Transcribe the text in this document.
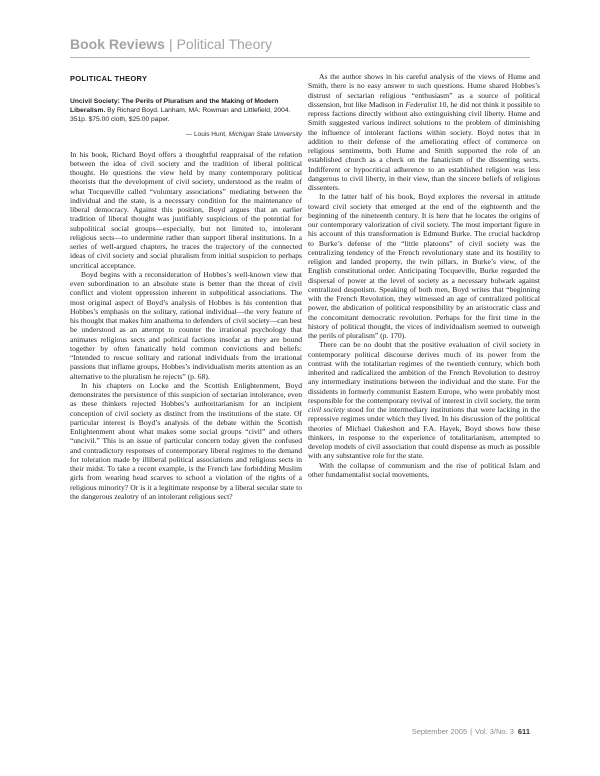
Book Reviews | Political Theory
POLITICAL THEORY

Uncivil Society: The Perils of Pluralism and the Making of Modern Liberalism. By Richard Boyd. Lanham, MA: Rowman and Littlefield, 2004. 351p. $75.00 cloth, $25.00 paper.

— Louis Hunt, Michigan State University

In his book, Richard Boyd offers a thoughtful reappraisal of the relation between the idea of civil society and the tradition of liberal political thought. He questions the view held by many contemporary political theorists that the development of civil society, understood as the realm of what Tocqueville called “voluntary associations” mediating between the individual and the state, is a necessary condition for the maintenance of liberal democracy. Against this position, Boyd argues that an earlier tradition of liberal thought was justifiably suspicious of the potential for subpolitical social groups—especially, but not limited to, intolerant religious sects—to undermine rather than support liberal institutions. In a series of well-argued chapters, he traces the trajectory of the connected ideas of civil society and social pluralism from initial suspicion to perhaps uncritical acceptance.

Boyd begins with a reconsideration of Hobbes’s well-known view that even subordination to an absolute state is better than the threat of civil conflict and violent oppression inherent in subpolitical associations. The most original aspect of Boyd’s analysis of Hobbes is his contention that Hobbes’s emphasis on the solitary, rational individual—the very feature of his thought that makes him anathema to defenders of civil society—can best be understood as an attempt to counter the irrational psychology that animates religious sects and political factions insofar as they are bound together by often fanatically held common convictions and beliefs: “Intended to rescue solitary and rational individuals from the irrational passions that inflame groups, Hobbes’s individualism merits attention as an alternative to the pluralism he rejects” (p. 68).

In his chapters on Locke and the Scottish Enlightenment, Boyd demonstrates the persistence of this suspicion of sectarian intolerance, even as these thinkers rejected Hobbes’s authoritarianism for an incipient conception of civil society as distinct from the institutions of the state. Of particular interest is Boyd’s analysis of the debate within the Scottish Enlightenment about what makes some social groups “civil” and others “uncivil.” This is an issue of particular concern today given the confused and contradictory responses of contemporary liberal regimes to the demand for toleration made by illiberal political associations and religious sects in their midst. To take a recent example, is the French law forbidding Muslim girls from wearing head scarves to school a violation of the rights of a religious minority? Or is it a legitimate response by a liberal secular state to the dangerous zealotry of an intolerant religious sect?

As the author shows in his careful analysis of the views of Hume and Smith, there is no easy answer to such questions. Hume shared Hobbes’s distrust of sectarian religious “enthusiasm” as a source of political dissension, but like Madison in Federalist 10, he did not think it possible to repress factions directly without also extinguishing civil liberty. Hume and Smith suggested various indirect solutions to the problem of diminishing the influence of intolerant factions within society. Boyd notes that in addition to their defense of the ameliorating effect of commerce on religious sentiments, both Hume and Smith supported the role of an established church as a check on the fanaticism of the dissenting sects. Indifferent or hypocritical adherence to an established religion was less dangerous to civil liberty, in their view, than the sincere beliefs of religious dissenters.

In the latter half of his book, Boyd explores the reversal in attitude toward civil society that emerged at the end of the eighteenth and the beginning of the nineteenth century. It is here that he locates the origins of our contemporary valorization of civil society. The most important figure in his account of this transformation is Edmund Burke. The crucial backdrop to Burke’s defense of the “little platoons” of civil society was the centralizing tendency of the French revolutionary state and its hostility to religion and landed property, the twin pillars, in Burke’s view, of the English constitutional order. Anticipating Tocqueville, Burke regarded the dispersal of power at the level of society as a necessary bulwark against centralized despotism. Speaking of both men, Boyd writes that “beginning with the French Revolution, they witnessed an age of centralized political power, the abdication of political responsibility by an aristocratic class and the concomitant democratic revolution. Perhaps for the first time in the history of political thought, the vices of individualism seemed to outweigh the perils of pluralism” (p. 170).

There can be no doubt that the positive evaluation of civil society in contemporary political discourse derives much of its power from the contrast with the totalitarian regimes of the twentieth century, which both inherited and radicalized the ambition of the French Revolution to destroy any intermediary institutions between the individual and the state. For the dissidents in formerly communist Eastern Europe, who were probably most responsible for the contemporary revival of interest in civil society, the term civil society stood for the intermediary institutions that were lacking in the repressive regimes under which they lived. In his discussion of the political theories of Michael Oakeshott and F.A. Hayek, Boyd shows how these thinkers, in response to the experience of totalitarianism, attempted to develop models of civil association that could dispense as much as possible with any substantive role for the state.

With the collapse of communism and the rise of political Islam and other fundamentalist social movements,

September 2005 | Vol. 3/No. 3 611
